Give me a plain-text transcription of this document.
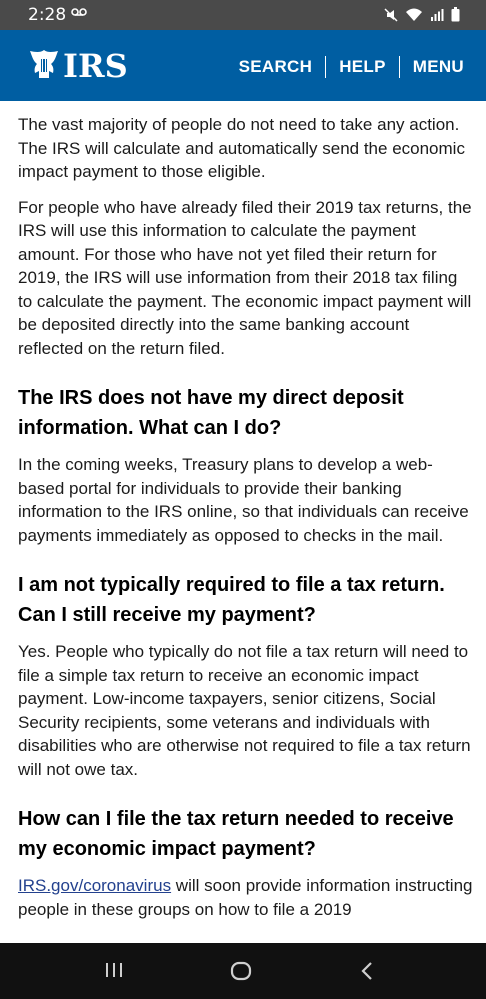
2:28
IRS	SEARCH	HELP	MENU

The vast majority of people do not need to take any action. The IRS will calculate and automatically send the economic impact payment to those eligible.

For people who have already filed their 2019 tax returns, the IRS will use this information to calculate the payment amount. For those who have not yet filed their return for 2019, the IRS will use information from their 2018 tax filing to calculate the payment. The economic impact payment will be deposited directly into the same banking account reflected on the return filed.

The IRS does not have my direct deposit information. What can I do?

In the coming weeks, Treasury plans to develop a web-based portal for individuals to provide their banking information to the IRS online, so that individuals can receive payments immediately as opposed to checks in the mail.

I am not typically required to file a tax return. Can I still receive my payment?

Yes. People who typically do not file a tax return will need to file a simple tax return to receive an economic impact payment. Low-income taxpayers, senior citizens, Social Security recipients, some veterans and individuals with disabilities who are otherwise not required to file a tax return will not owe tax.

How can I file the tax return needed to receive my economic impact payment?

IRS.gov/coronavirus will soon provide information instructing people in these groups on how to file a 2019
